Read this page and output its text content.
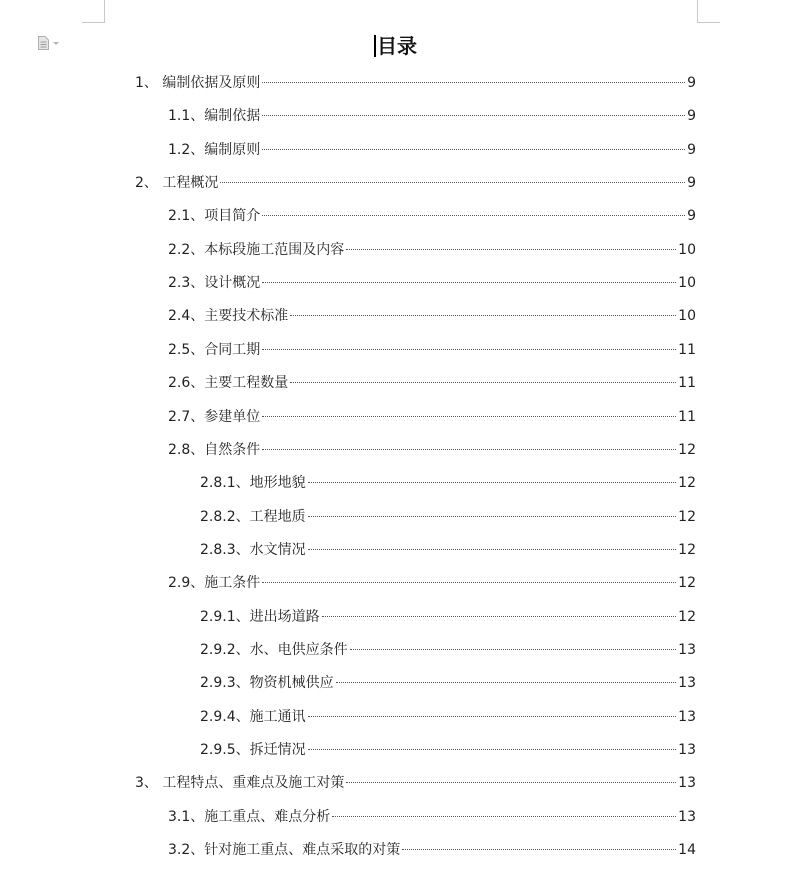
目录
1、 编制依据及原则	9
1.1、编制依据	9
1.2、编制原则	9
2、 工程概况	9
2.1、项目简介	9
2.2、本标段施工范围及内容	10
2.3、设计概况	10
2.4、主要技术标准	10
2.5、合同工期	11
2.6、主要工程数量	11
2.7、参建单位	11
2.8、自然条件	12
2.8.1、地形地貌	12
2.8.2、工程地质	12
2.8.3、水文情况	12
2.9、施工条件	12
2.9.1、进出场道路	12
2.9.2、水、电供应条件	13
2.9.3、物资机械供应	13
2.9.4、施工通讯	13
2.9.5、拆迁情况	13
3、 工程特点、重难点及施工对策	13
3.1、施工重点、难点分析	13
3.2、针对施工重点、难点采取的对策	14
